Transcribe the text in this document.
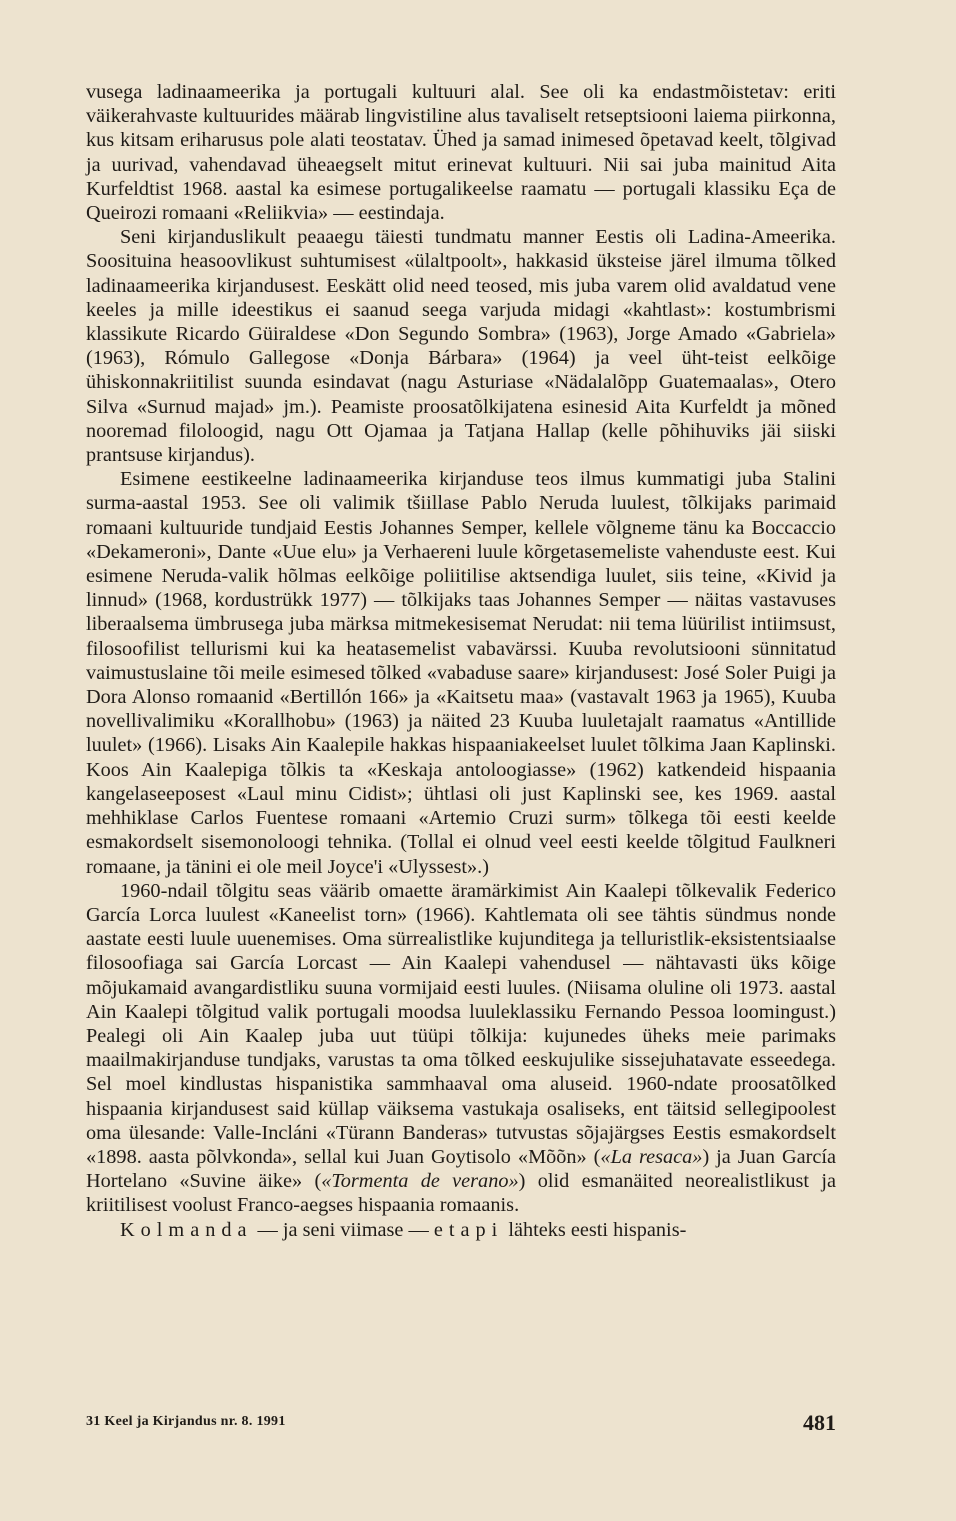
vusega ladinaameerika ja portugali kultuuri alal. See oli ka endastmõistetav: eriti väikerahvaste kultuurides määrab lingvistiline alus tavaliselt retseptsiooni laiema piirkonna, kus kitsam eriharusus pole alati teostatav. Ühed ja samad inimesed õpetavad keelt, tõlgivad ja uurivad, vahendavad üheaegselt mitut erinevat kultuuri. Nii sai juba mainitud Aita Kurfeldtist 1968. aastal ka esimese portugalikeelse raamatu — portugali klassiku Eça de Queirozi romaani «Reliikvia» — eestindaja.

Seni kirjanduslikult peaaegu täiesti tundmatu manner Eestis oli Ladina-Ameerika. Soosituina heasoovlikust suhtumisest «ülaltpoolt», hakkasid üksteise järel ilmuma tõlked ladinaameerika kirjandusest. Eeskätt olid need teosed, mis juba varem olid avaldatud vene keeles ja mille ideestikus ei saanud seega varjuda midagi «kahtlast»: kostumbrismi klassikute Ricardo Güiraldese «Don Segundo Sombra» (1963), Jorge Amado «Gabriela» (1963), Rómulo Gallegose «Donja Bárbara» (1964) ja veel üht-teist eelkõige ühiskonnakriitilist suunda esindavat (nagu Asturiase «Nädalalõpp Guatemaalas», Otero Silva «Surnud majad» jm.). Peamiste proosatõlkijatena esinesid Aita Kurfeldt ja mõned nooremad filoloogid, nagu Ott Ojamaa ja Tatjana Hallap (kelle põhihuviks jäi siiski prantsuse kirjandus).

Esimene eestikeelne ladinaameerika kirjanduse teos ilmus kummatigi juba Stalini surma-aastal 1953. See oli valimik tšiillase Pablo Neruda luulest, tõlkijaks parimaid romaani kultuuride tundjaid Eestis Johannes Semper, kellele võlgneme tänu ka Boccaccio «Dekameroni», Dante «Uue elu» ja Verhaereni luule kõrgetasemeliste vahenduste eest. Kui esimene Neruda-valik hõlmas eelkõige poliitilise aktsendiga luulet, siis teine, «Kivid ja linnud» (1968, kordustrükk 1977) — tõlkijaks taas Johannes Semper — näitas vastavuses liberaalsema ümbrusega juba märksa mitmekesisemat Nerudat: nii tema lüürilist intiimsust, filosoofilist tellurismi kui ka heatasemelist vabavärssi. Kuuba revolutsiooni sünnitatud vaimustuslaine tõi meile esimesed tõlked «vabaduse saare» kirjandusest: José Soler Puigi ja Dora Alonso romaanid «Bertillón 166» ja «Kaitsetu maa» (vastavalt 1963 ja 1965), Kuuba novellivalimiku «Korallhobu» (1963) ja näited 23 Kuuba luuletajalt raamatus «Antillide luulet» (1966). Lisaks Ain Kaalepile hakkas hispaaniakeelset luulet tõlkima Jaan Kaplinski. Koos Ain Kaalepiga tõlkis ta «Keskaja antoloogiasse» (1962) katkendeid hispaania kangelaseeposest «Laul minu Cidist»; ühtlasi oli just Kaplinski see, kes 1969. aastal mehhiklase Carlos Fuentese romaani «Artemio Cruzi surm» tõlkega tõi eesti keelde esmakordselt sisemonoloogi tehnika. (Tollal ei olnud veel eesti keelde tõlgitud Faulkneri romaane, ja tänini ei ole meil Joyce'i «Ulyssest».)

1960-ndail tõlgitu seas väärib omaette äramärkimist Ain Kaalepi tõlkevalik Federico García Lorca luulest «Kaneelist torn» (1966). Kahtlemata oli see tähtis sündmus nonde aastate eesti luule uuenemises. Oma sürrealistlike kujunditega ja telluristlik-eksistentsiaalse filosoofiaga sai García Lorcast — Ain Kaalepi vahendusel — nähtavasti üks kõige mõjukamaid avangardistliku suuna vormijaid eesti luules. (Niisama oluline oli 1973. aastal Ain Kaalepi tõlgitud valik portugali moodsa luuleklassiku Fernando Pessoa loomingust.) Pealegi oli Ain Kaalep juba uut tüüpi tõlkija: kujunedes üheks meie parimaks maailmakirjanduse tundjaks, varustas ta oma tõlked eeskujulike sissejuhatavate esseedega. Sel moel kindlustas hispanistika sammhaaval oma aluseid. 1960-ndate proosatõlked hispaania kirjandusest said küllap väiksema vastukaja osaliseks, ent täitsid sellegipoolest oma ülesande: Valle-Incláni «Türann Banderas» tutvustas sõjajärgses Eestis esmakordselt «1898. aasta põlvkonda», sellal kui Juan Goytisolo «Mõõn» («La resaca») ja Juan García Hortelano «Suvine äike» («Tormenta de verano») olid esmanäited neorealistlikust ja kriitilisest voolust Franco-aegses hispaania romaanis.

Kolmanda — ja seni viimase — etapi lähteks eesti hispanis-

31 Keel ja Kirjandus nr. 8. 1991	481
